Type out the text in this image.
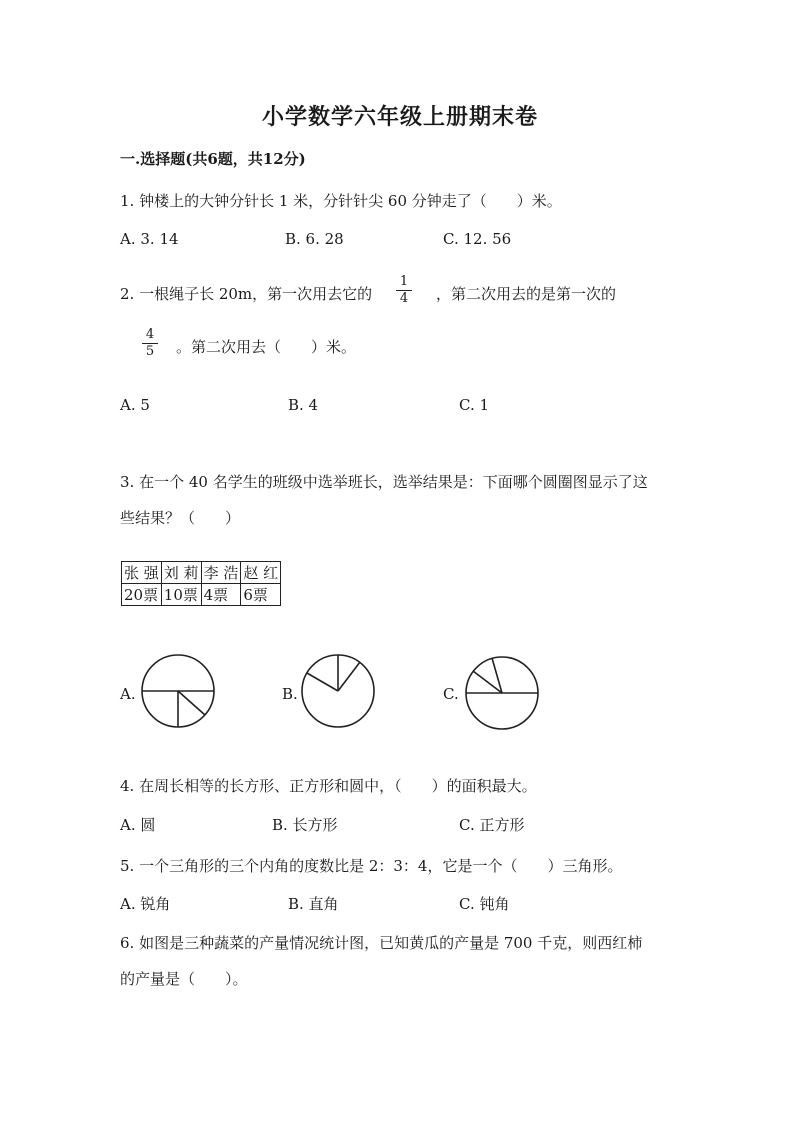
小学数学六年级上册期末卷
一.选择题(共6题，共12分)
1. 钟楼上的大钟分针长 1 米，分针针尖 60 分钟走了（　　）米。
A. 3. 14	B. 6. 28	C. 12. 56
2. 一根绳子长 20m，第一次用去它的
1
4	，第二次用去的是第一次的
4
5	。第二次用去（　　）米。
A. 5	B. 4	C. 1
3. 在一个 40 名学生的班级中选举班长，选举结果是：下面哪个圆圈图显示了这
些结果？（　　）
张 强	刘 莉	李 浩	赵 红
20票	10票	4票	6票
A.	B.	C.
4. 在周长相等的长方形、正方形和圆中，（　　）的面积最大。
A. 圆	B. 长方形	C. 正方形
5. 一个三角形的三个内角的度数比是 2：3：4，它是一个（　　）三角形。
A. 锐角	B. 直角	C. 钝角
6. 如图是三种蔬菜的产量情况统计图，已知黄瓜的产量是 700 千克，则西红柿
的产量是（　　）。
